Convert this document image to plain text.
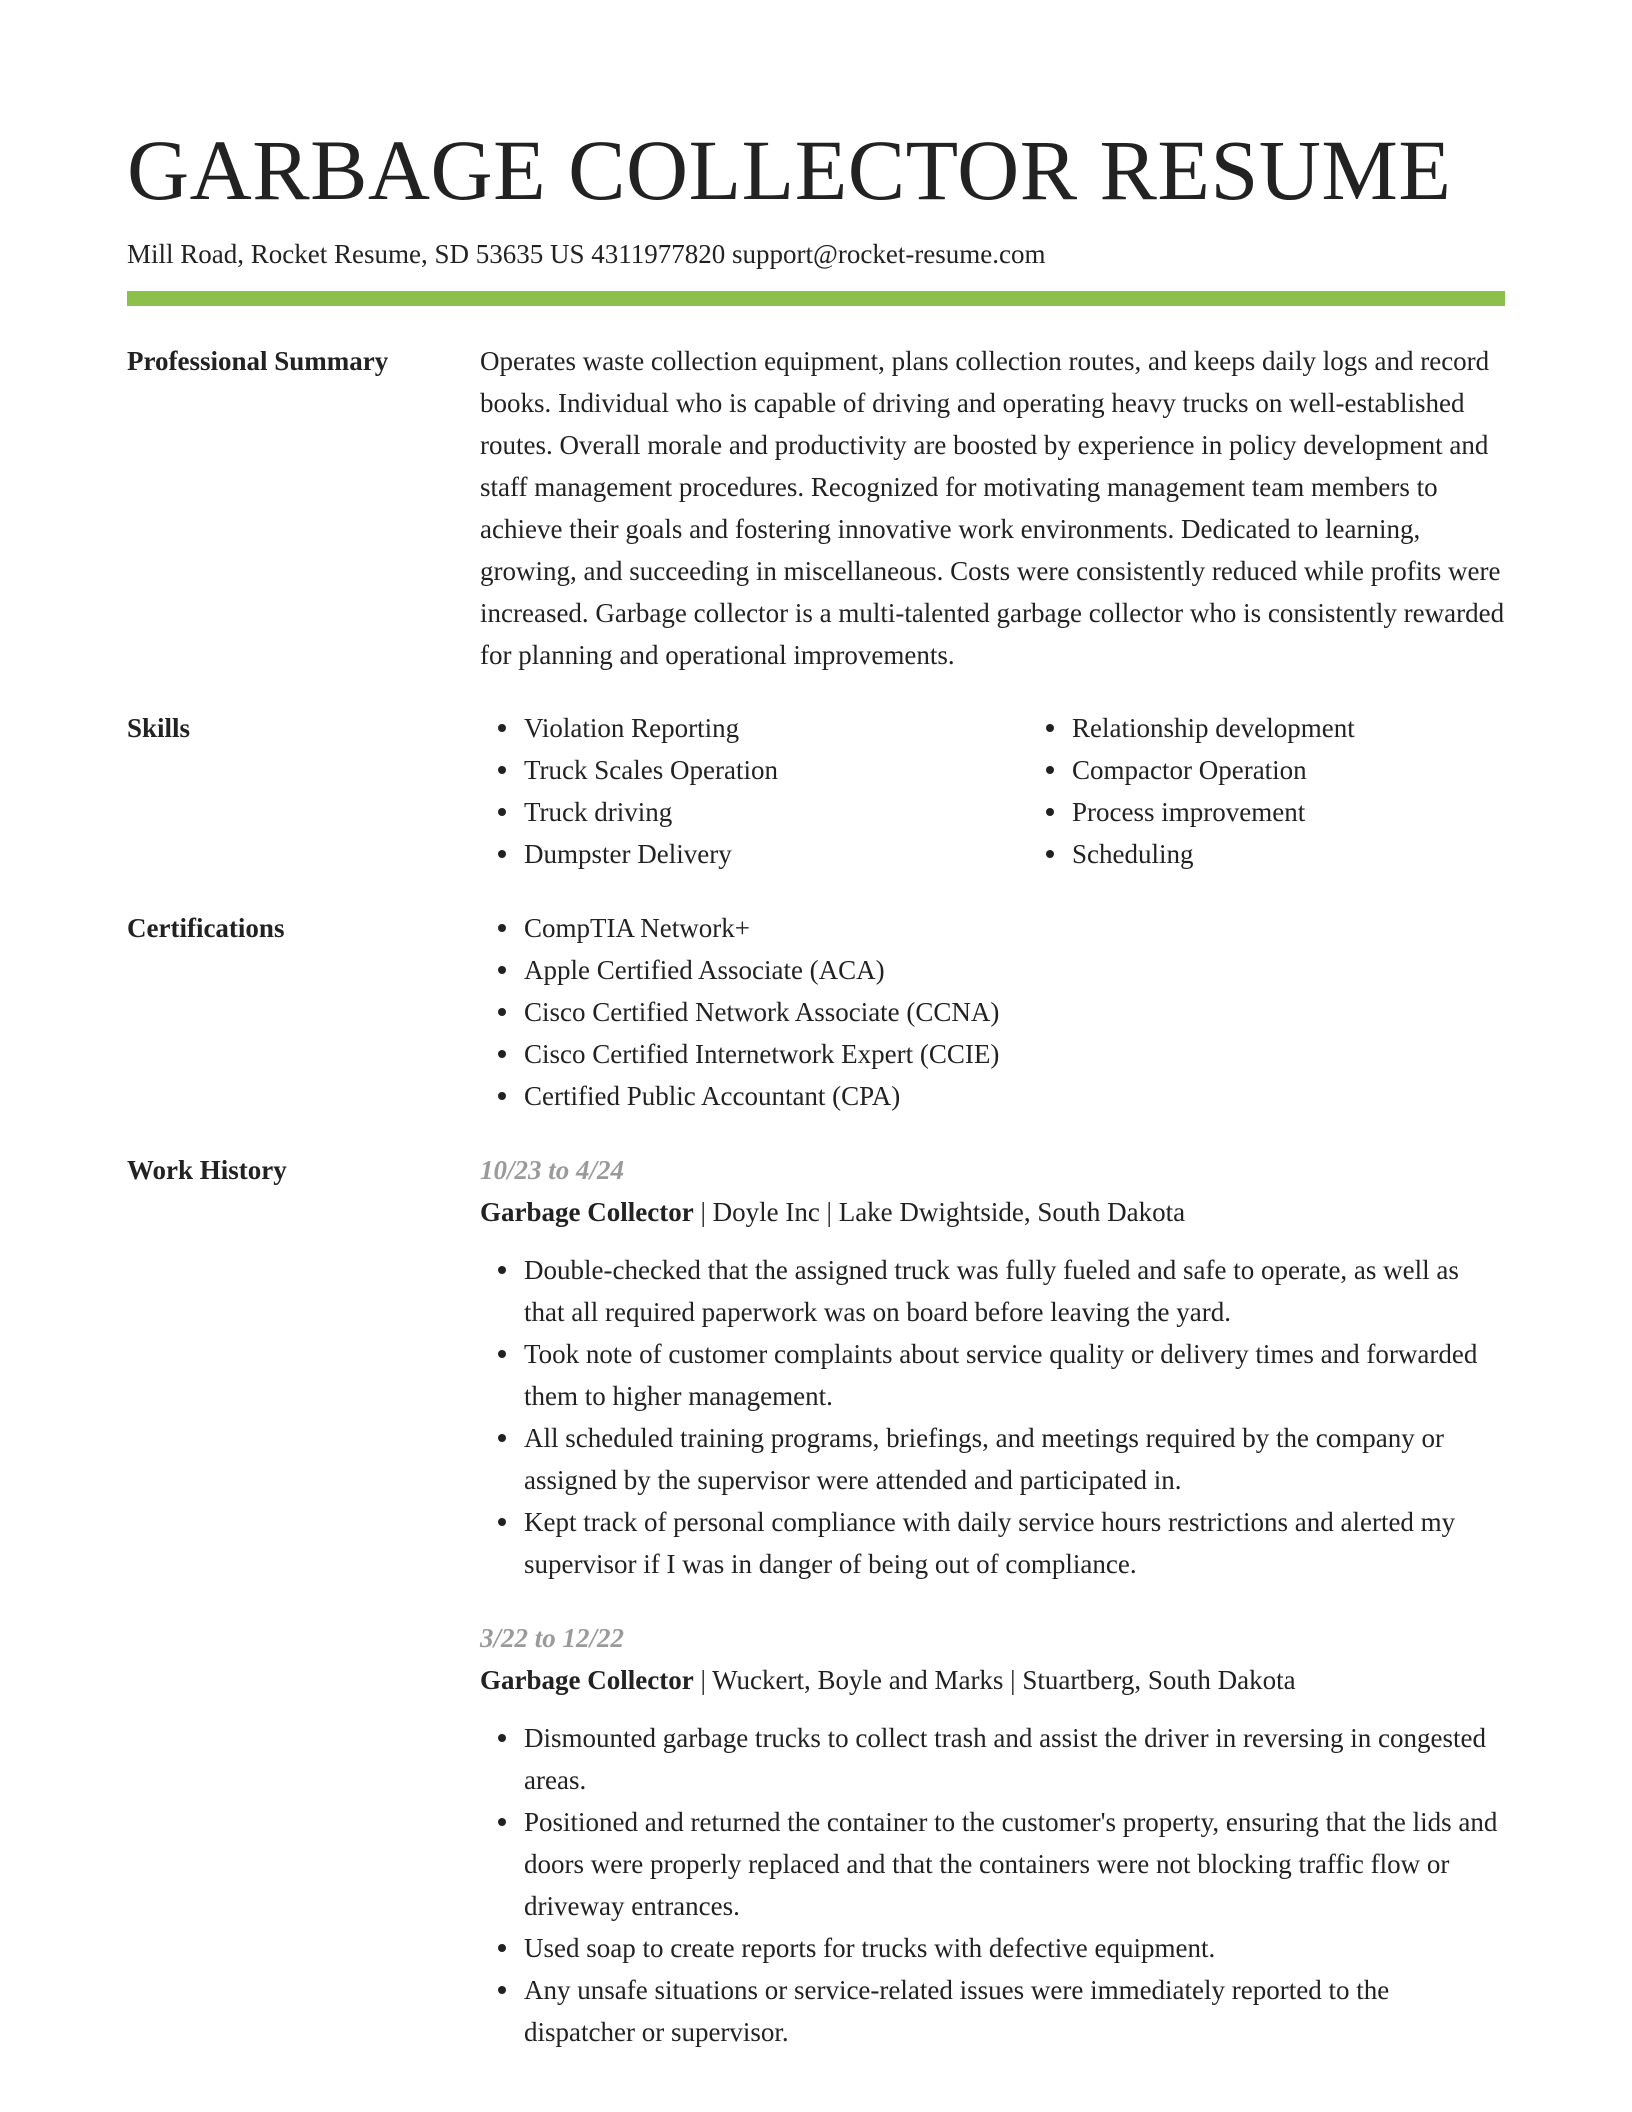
GARBAGE COLLECTOR RESUME
Mill Road, Rocket Resume, SD 53635 US 4311977820 support@rocket-resume.com
Professional Summary	Operates waste collection equipment, plans collection routes, and keeps daily logs and record books. Individual who is capable of driving and operating heavy trucks on well-established routes. Overall morale and productivity are boosted by experience in policy development and staff management procedures. Recognized for motivating management team members to achieve their goals and fostering innovative work environments. Dedicated to learning, growing, and succeeding in miscellaneous. Costs were consistently reduced while profits were increased. Garbage collector is a multi-talented garbage collector who is consistently rewarded for planning and operational improvements.

Skills	Violation Reporting
Truck Scales Operation
Truck driving
Dumpster Delivery
Relationship development
Compactor Operation
Process improvement
Scheduling
Certifications	CompTIA Network+
Apple Certified Associate (ACA)
Cisco Certified Network Associate (CCNA)
Cisco Certified Internetwork Expert (CCIE)
Certified Public Accountant (CPA)
Work History	10/23 to 4/24
Garbage Collector | Doyle Inc | Lake Dwightside, South Dakota
Double-checked that the assigned truck was fully fueled and safe to operate, as well as that all required paperwork was on board before leaving the yard.
Took note of customer complaints about service quality or delivery times and forwarded them to higher management.
All scheduled training programs, briefings, and meetings required by the company or assigned by the supervisor were attended and participated in.
Kept track of personal compliance with daily service hours restrictions and alerted my supervisor if I was in danger of being out of compliance.
3/22 to 12/22
Garbage Collector | Wuckert, Boyle and Marks | Stuartberg, South Dakota
Dismounted garbage trucks to collect trash and assist the driver in reversing in congested areas.
Positioned and returned the container to the customer's property, ensuring that the lids and doors were properly replaced and that the containers were not blocking traffic flow or driveway entrances.
Used soap to create reports for trucks with defective equipment.
Any unsafe situations or service-related issues were immediately reported to the dispatcher or supervisor.
